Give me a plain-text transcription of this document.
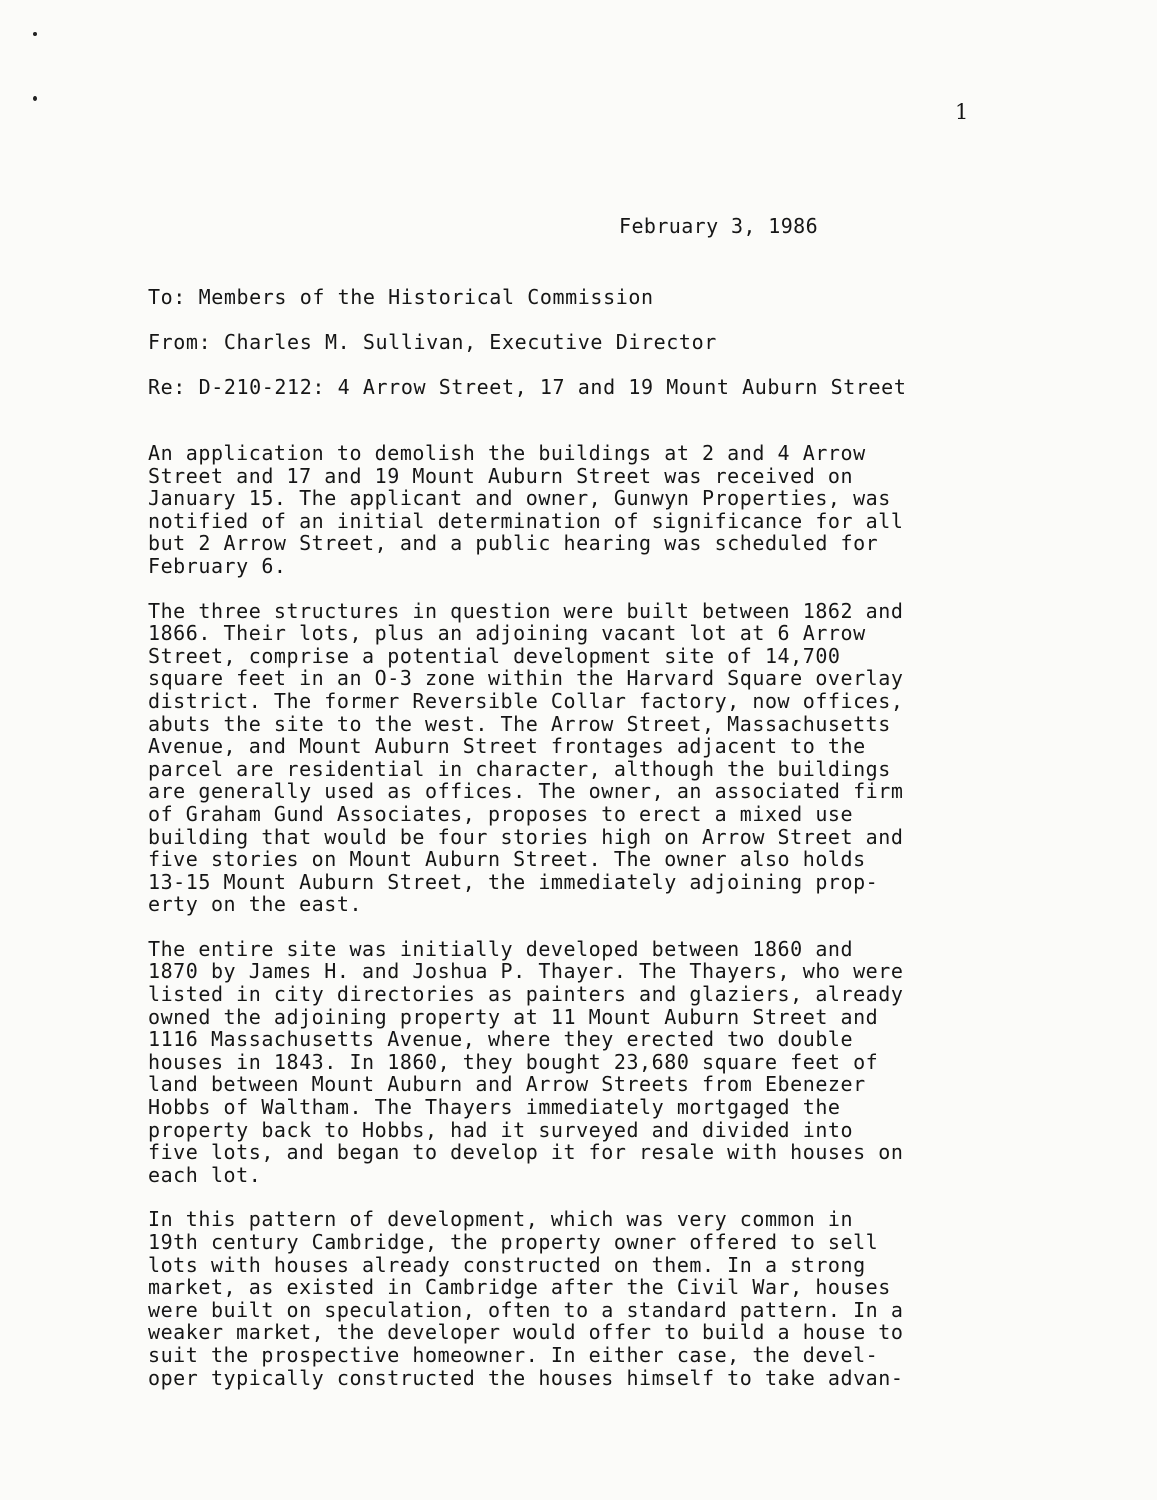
1
February 3, 1986
To: Members of the Historical Commission
From: Charles M. Sullivan, Executive Director
Re: D-210-212: 4 Arrow Street, 17 and 19 Mount Auburn Street
An application to demolish the buildings at 2 and 4 Arrow
Street and 17 and 19 Mount Auburn Street was received on
January 15. The applicant and owner, Gunwyn Properties, was
notified of an initial determination of significance for all
but 2 Arrow Street, and a public hearing was scheduled for
February 6.
The three structures in question were built between 1862 and
1866. Their lots, plus an adjoining vacant lot at 6 Arrow
Street, comprise a potential development site of 14,700
square feet in an O-3 zone within the Harvard Square overlay
district. The former Reversible Collar factory, now offices,
abuts the site to the west. The Arrow Street, Massachusetts
Avenue, and Mount Auburn Street frontages adjacent to the
parcel are residential in character, although the buildings
are generally used as offices. The owner, an associated firm
of Graham Gund Associates, proposes to erect a mixed use
building that would be four stories high on Arrow Street and
five stories on Mount Auburn Street. The owner also holds
13-15 Mount Auburn Street, the immediately adjoining prop-
erty on the east.
The entire site was initially developed between 1860 and
1870 by James H. and Joshua P. Thayer. The Thayers, who were
listed in city directories as painters and glaziers, already
owned the adjoining property at 11 Mount Auburn Street and
1116 Massachusetts Avenue, where they erected two double
houses in 1843. In 1860, they bought 23,680 square feet of
land between Mount Auburn and Arrow Streets from Ebenezer
Hobbs of Waltham. The Thayers immediately mortgaged the
property back to Hobbs, had it surveyed and divided into
five lots, and began to develop it for resale with houses on
each lot.
In this pattern of development, which was very common in
19th century Cambridge, the property owner offered to sell
lots with houses already constructed on them. In a strong
market, as existed in Cambridge after the Civil War, houses
were built on speculation, often to a standard pattern. In a
weaker market, the developer would offer to build a house to
suit the prospective homeowner. In either case, the devel-
oper typically constructed the houses himself to take advan-
